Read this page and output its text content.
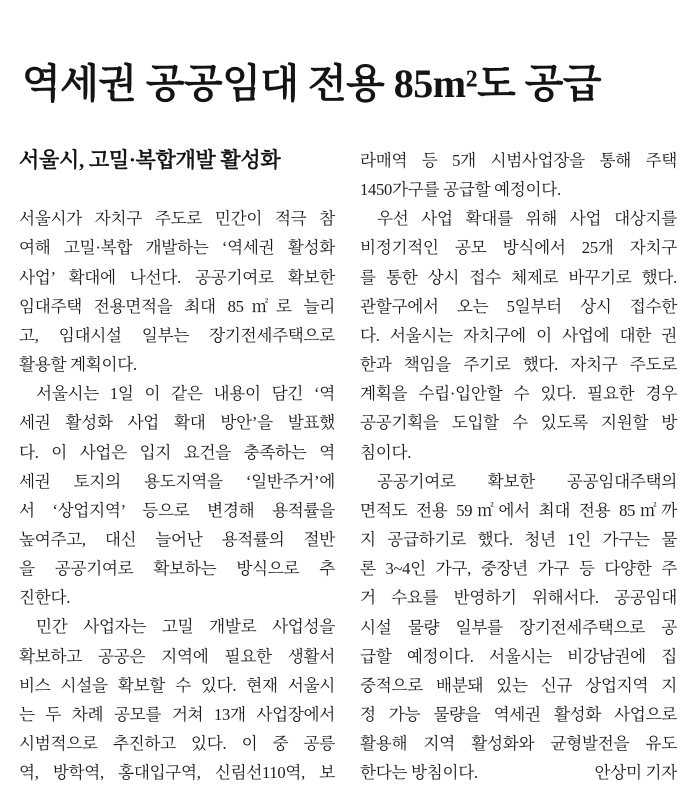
역세권 공공임대 전용 85m²도 공급
서울시, 고밀·복합개발 활성화
서울시가 자치구 주도로 민간이 적극 참
여해 고밀·복합 개발하는 ‘역세권 활성화
사업’ 확대에 나선다. 공공기여로 확보한
임대주택 전용면적을 최대 85㎡로 늘리
고, 임대시설 일부는 장기전세주택으로
활용할 계획이다.
서울시는 1일 이 같은 내용이 담긴 ‘역
세권 활성화 사업 확대 방안’을 발표했
다. 이 사업은 입지 요건을 충족하는 역
세권 토지의 용도지역을 ‘일반주거’에
서 ‘상업지역’ 등으로 변경해 용적률을
높여주고, 대신 늘어난 용적률의 절반
을 공공기여로 확보하는 방식으로 추
진한다.
민간 사업자는 고밀 개발로 사업성을
확보하고 공공은 지역에 필요한 생활서
비스 시설을 확보할 수 있다. 현재 서울시
는 두 차례 공모를 거쳐 13개 사업장에서
시범적으로 추진하고 있다. 이 중 공릉
역, 방학역, 홍대입구역, 신림선110역, 보
라매역 등 5개 시범사업장을 통해 주택
1450가구를 공급할 예정이다.
우선 사업 확대를 위해 사업 대상지를
비정기적인 공모 방식에서 25개 자치구
를 통한 상시 접수 체제로 바꾸기로 했다.
관할구에서 오는 5일부터 상시 접수한
다. 서울시는 자치구에 이 사업에 대한 권
한과 책임을 주기로 했다. 자치구 주도로
계획을 수립·입안할 수 있다. 필요한 경우
공공기획을 도입할 수 있도록 지원할 방
침이다.
공공기여로 확보한 공공임대주택의
면적도 전용 59㎡에서 최대 전용 85㎡까
지 공급하기로 했다. 청년 1인 가구는 물
론 3~4인 가구, 중장년 가구 등 다양한 주
거 수요를 반영하기 위해서다. 공공임대
시설 물량 일부를 장기전세주택으로 공
급할 예정이다. 서울시는 비강남권에 집
중적으로 배분돼 있는 신규 상업지역 지
정 가능 물량을 역세권 활성화 사업으로
활용해 지역 활성화와 균형발전을 유도
한다는 방침이다.	안상미 기자
